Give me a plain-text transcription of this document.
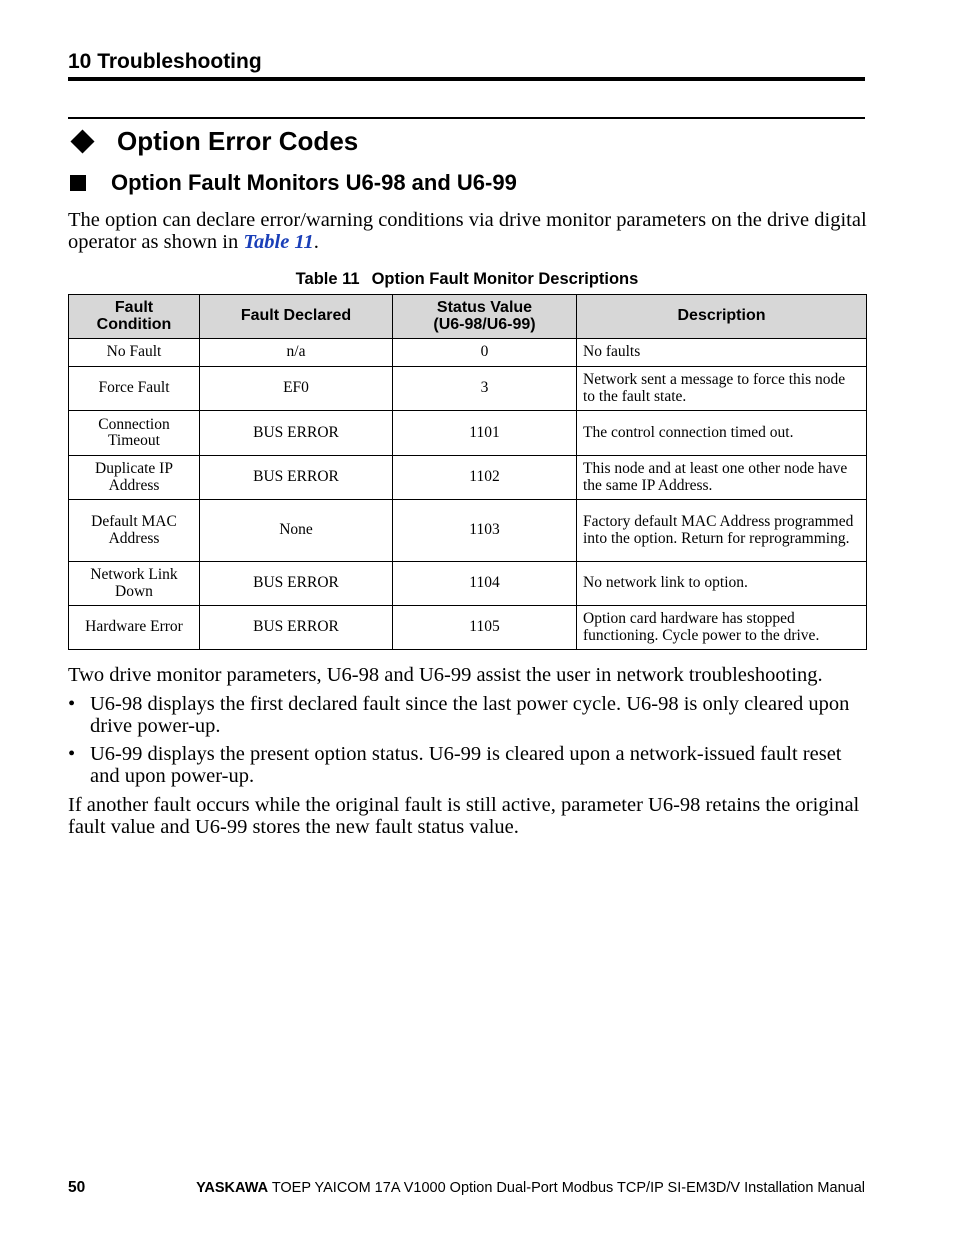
10 Troubleshooting
Option Error Codes
Option Fault Monitors U6-98 and U6-99
The option can declare error/warning conditions via drive monitor parameters on the drive digital operator as shown in Table 11.
Table 11 Option Fault Monitor Descriptions
Fault Condition	Fault Declared	Status Value (U6-98/U6-99)	Description
No Fault	n/a	0	No faults
Force Fault	EF0	3	Network sent a message to force this node to the fault state.
Connection Timeout	BUS ERROR	1101	The control connection timed out.
Duplicate IP Address	BUS ERROR	1102	This node and at least one other node have the same IP Address.
Default MAC Address	None	1103	Factory default MAC Address programmed into the option. Return for reprogramming.
Network Link Down	BUS ERROR	1104	No network link to option.
Hardware Error	BUS ERROR	1105	Option card hardware has stopped functioning. Cycle power to the drive.
Two drive monitor parameters, U6-98 and U6-99 assist the user in network troubleshooting.
• U6-98 displays the first declared fault since the last power cycle. U6-98 is only cleared upon drive power-up.
• U6-99 displays the present option status. U6-99 is cleared upon a network-issued fault reset and upon power-up.
If another fault occurs while the original fault is still active, parameter U6-98 retains the original fault value and U6-99 stores the new fault status value.
50	YASKAWA TOEP YAICOM 17A V1000 Option Dual-Port Modbus TCP/IP SI-EM3D/V Installation Manual
